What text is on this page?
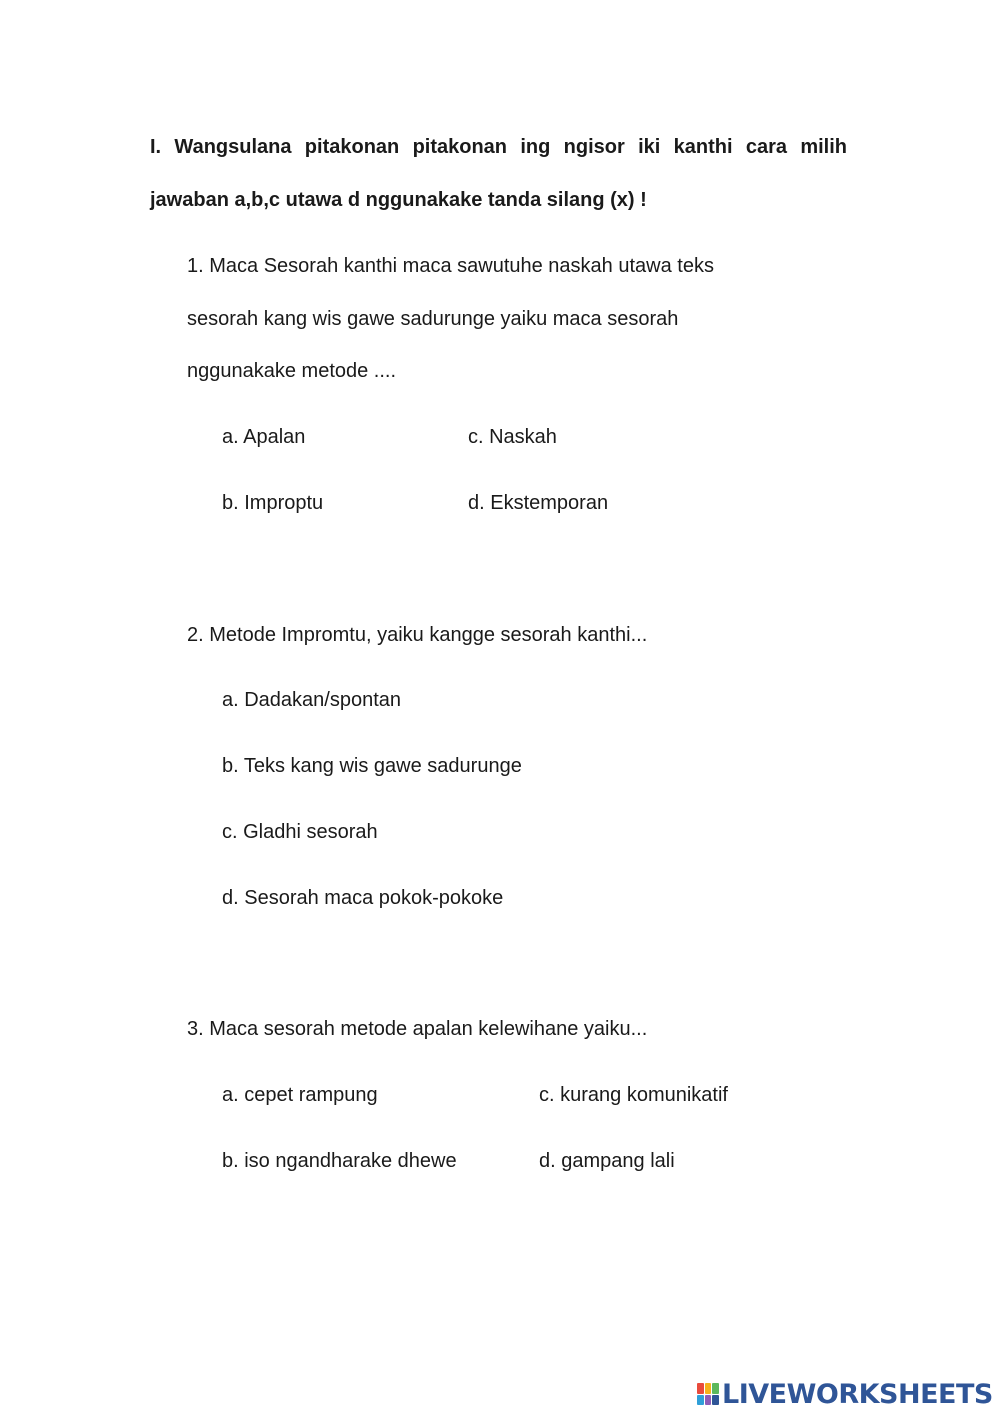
I. Wangsulana pitakonan pitakonan ing ngisor iki kanthi cara milih
jawaban a,b,c utawa d nggunakake tanda silang (x) !
1. Maca Sesorah kanthi maca sawutuhe naskah utawa teks
sesorah kang wis gawe sadurunge yaiku maca sesorah
nggunakake metode ....
a. Apalan
b. Improptu
c. Naskah
d. Ekstemporan
2. Metode Impromtu, yaiku kangge sesorah kanthi...
a. Dadakan/spontan
b. Teks kang wis gawe sadurunge
c. Gladhi sesorah
d. Sesorah maca pokok-pokoke
3. Maca sesorah metode apalan kelewihane yaiku...
a. cepet rampung
b. iso ngandharake dhewe
c. kurang komunikatif
d. gampang lali
LIVEWORKSHEETS
